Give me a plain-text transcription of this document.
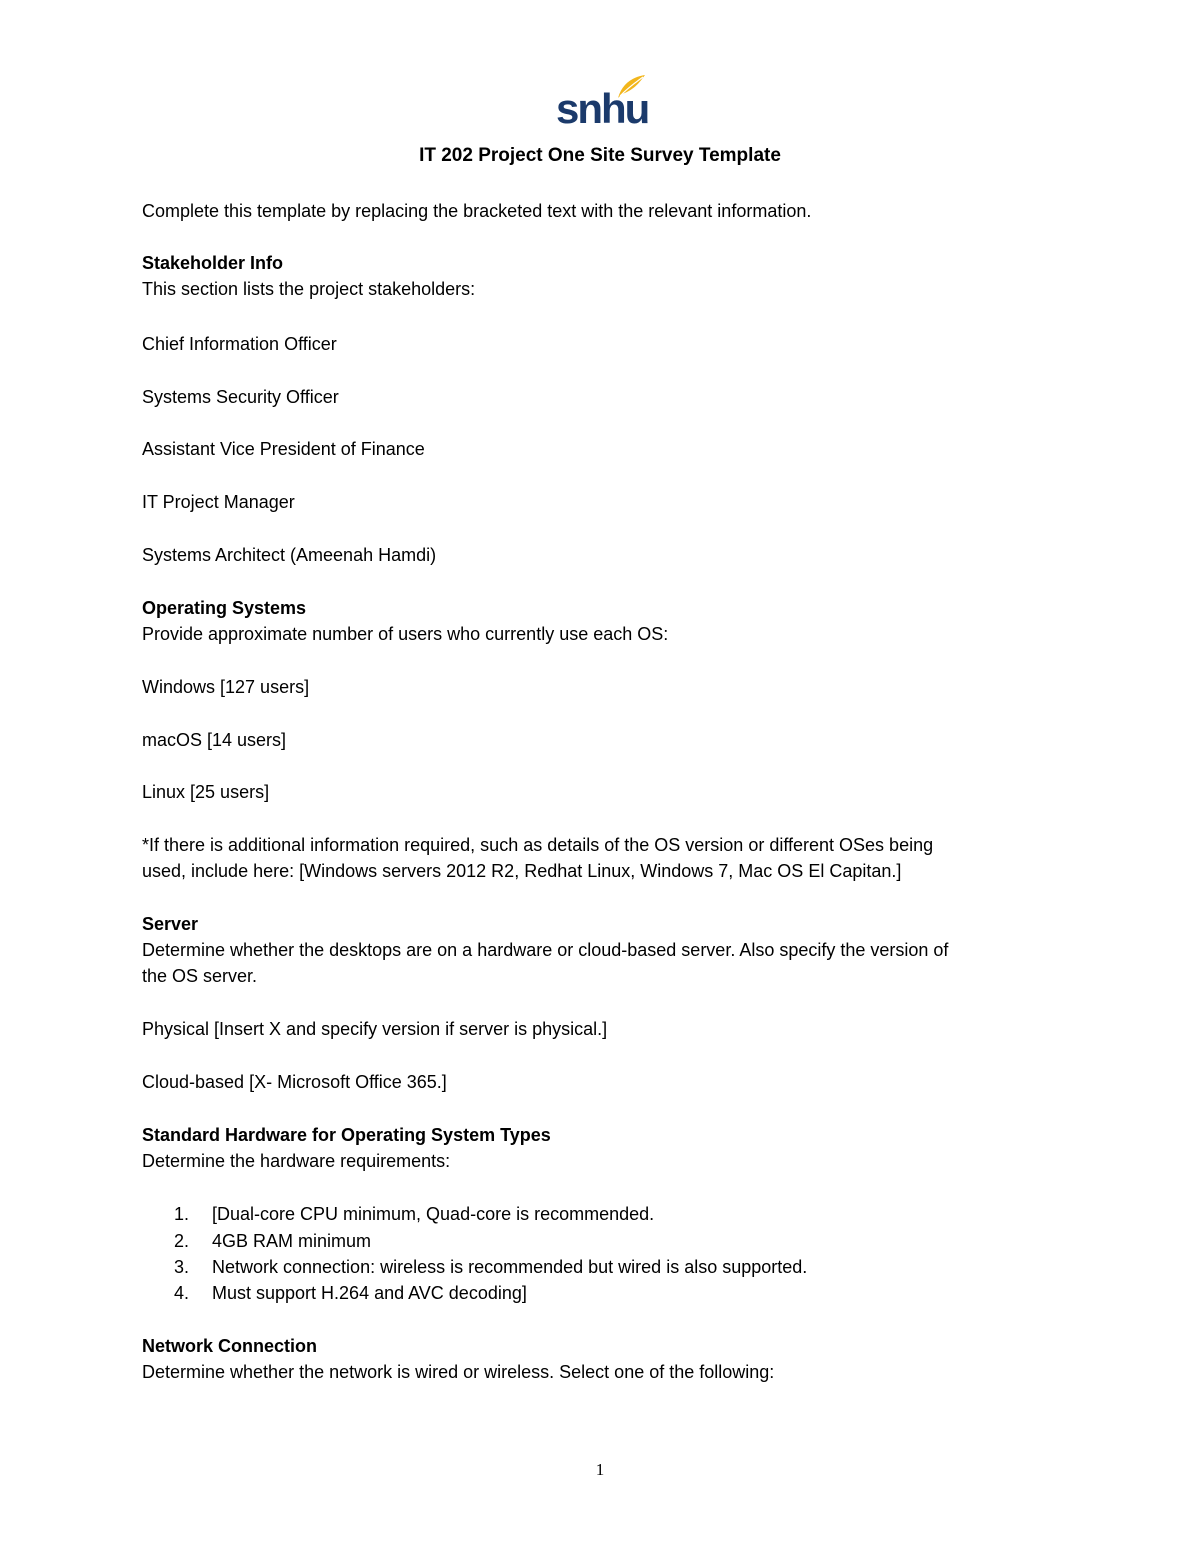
snhu
IT 202 Project One Site Survey Template
Complete this template by replacing the bracketed text with the relevant information.
Stakeholder Info
This section lists the project stakeholders:
Chief Information Officer
Systems Security Officer
Assistant Vice President of Finance
IT Project Manager
Systems Architect (Ameenah Hamdi)
Operating Systems
Provide approximate number of users who currently use each OS:
Windows [127 users]
macOS [14 users]
Linux [25 users]
*If there is additional information required, such as details of the OS version or different OSes being
used, include here: [Windows servers 2012 R2, Redhat Linux, Windows 7, Mac OS El Capitan.]
Server
Determine whether the desktops are on a hardware or cloud-based server. Also specify the version of
the OS server.
Physical [Insert X and specify version if server is physical.]
Cloud-based [X- Microsoft Office 365.]
Standard Hardware for Operating System Types
Determine the hardware requirements:
1. [Dual-core CPU minimum, Quad-core is recommended.
2. 4GB RAM minimum
3. Network connection: wireless is recommended but wired is also supported.
4. Must support H.264 and AVC decoding]
Network Connection
Determine whether the network is wired or wireless. Select one of the following:
1
